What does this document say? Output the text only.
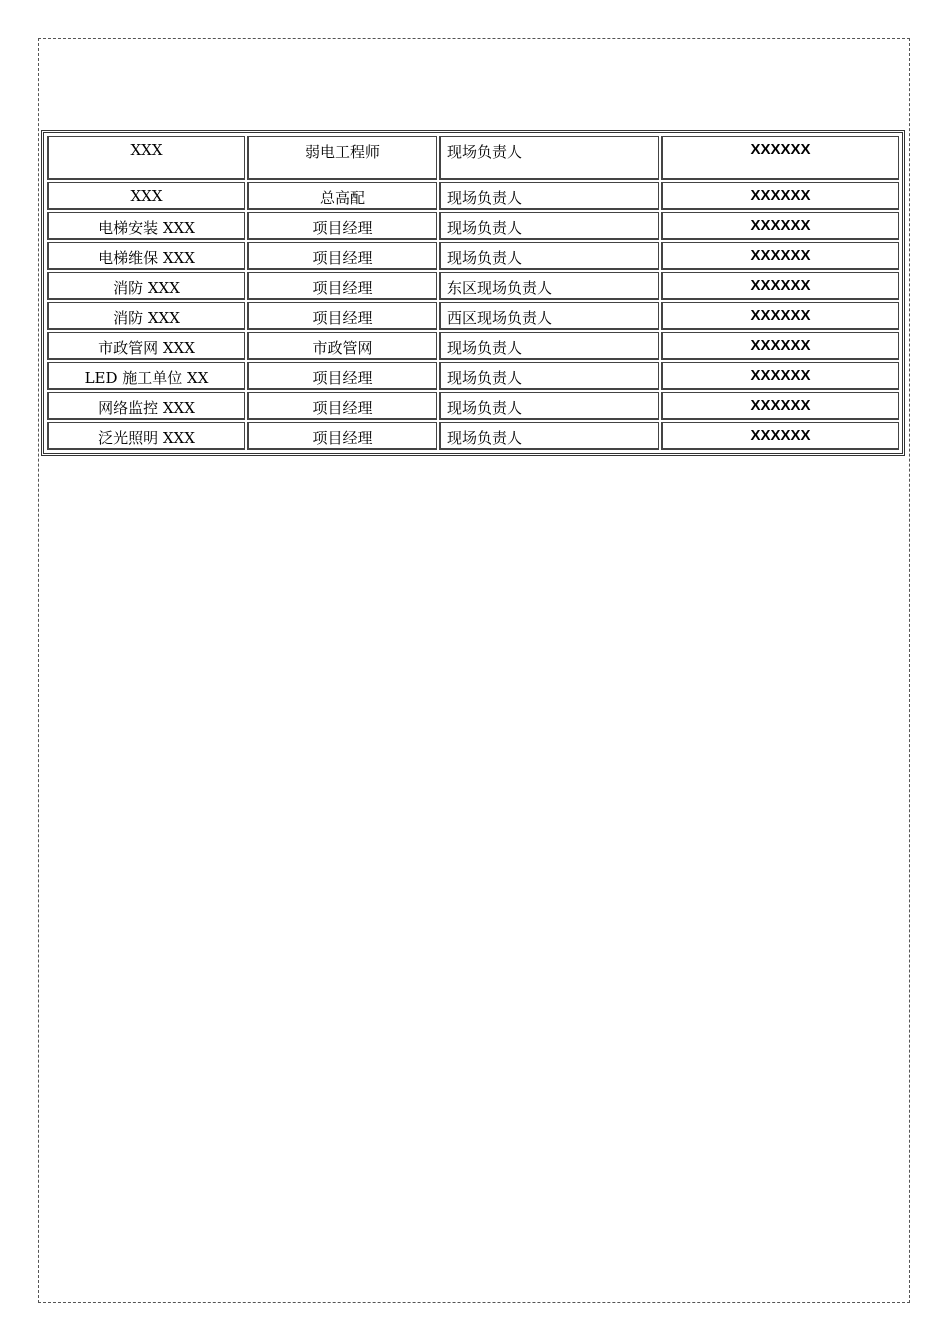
XXX	弱电工程师	现场负责人	XXXXXX
XXX	总高配	现场负责人	XXXXXX
电梯安装 XXX	项目经理	现场负责人	XXXXXX
电梯维保 XXX	项目经理	现场负责人	XXXXXX
消防 XXX	项目经理	东区现场负责人	XXXXXX
消防 XXX	项目经理	西区现场负责人	XXXXXX
市政管网 XXX	市政管网	现场负责人	XXXXXX
LED 施工单位 XX	项目经理	现场负责人	XXXXXX
网络监控 XXX	项目经理	现场负责人	XXXXXX
泛光照明 XXX	项目经理	现场负责人	XXXXXX
